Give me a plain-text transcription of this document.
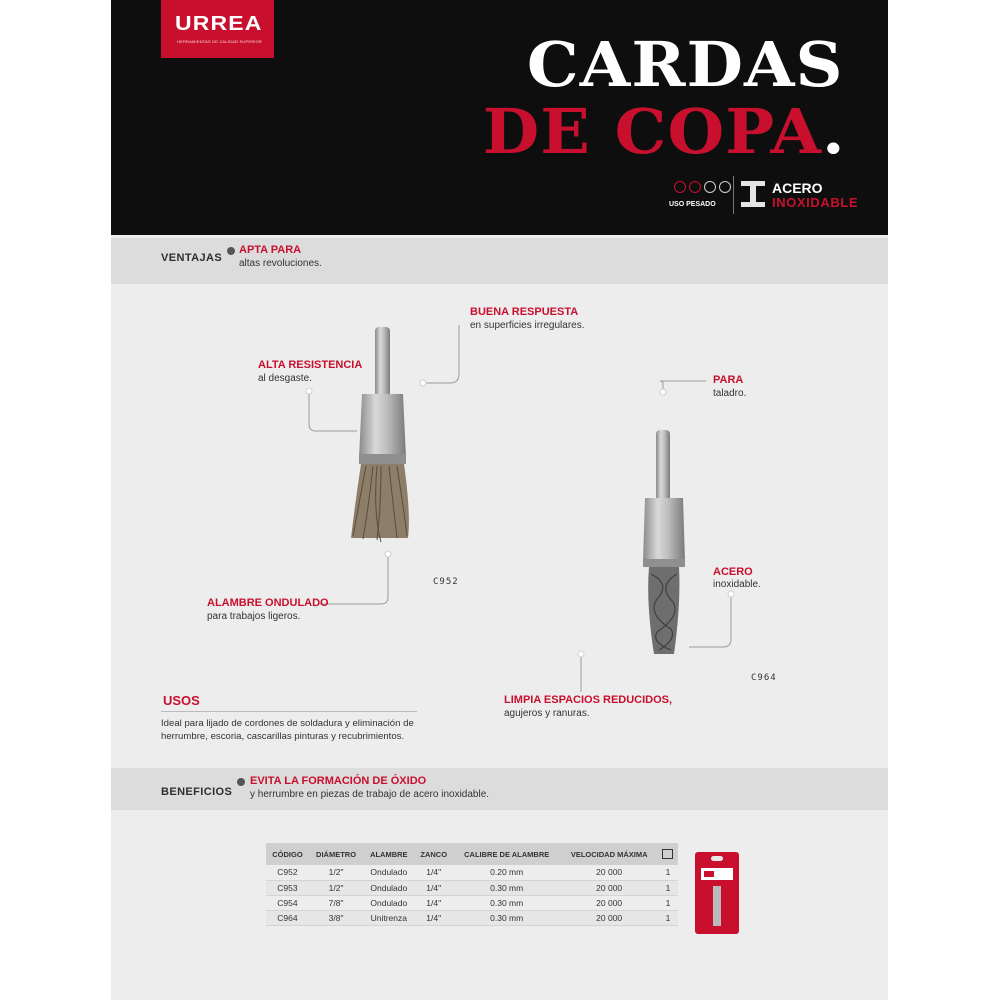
URREA
HERRAMIENTAS DE CALIDAD SUPERIOR	CARDAS
DE COPA.
USO PESADO
ACERO
INOXIDABLE
VENTAJAS
APTA PARA
altas revoluciones.
BUENA RESPUESTA
en superficies irregulares.
ALTA RESISTENCIA
al desgaste.
ALAMBRE ONDULADO
para trabajos ligeros.
PARA
taladro.
ACERO
inoxidable.
LIMPIA ESPACIOS REDUCIDOS,
agujeros y ranuras.
C952
C964
USOS
Ideal para lijado de cordones de soldadura y eliminación de herrumbre, escoria, cascarillas pinturas y recubrimientos.
BENEFICIOS
EVITA LA FORMACIÓN DE ÓXIDO
y herrumbre en piezas de trabajo de acero inoxidable.
CÓDIGO	DIÁMETRO	ALAMBRE	ZANCO	CALIBRE DE ALAMBRE	VELOCIDAD MÁXIMA	
C952	1/2"	Ondulado	1/4"	0.20 mm	20 000	1
C953	1/2"	Ondulado	1/4"	0.30 mm	20 000	1
C954	7/8"	Ondulado	1/4"	0.30 mm	20 000	1
C964	3/8"	Unitrenza	1/4"	0.30 mm	20 000	1
